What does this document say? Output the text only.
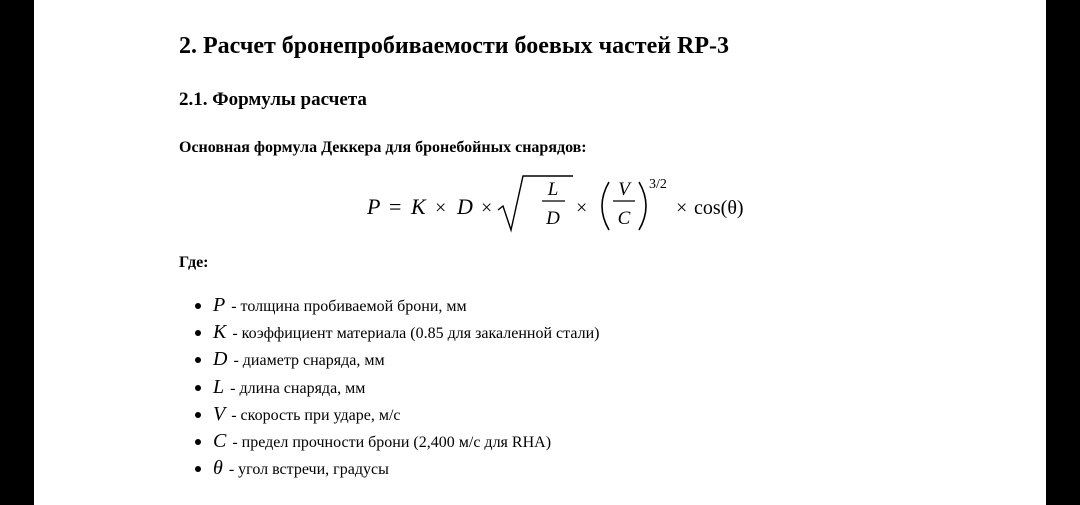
2. Расчет бронепробиваемости боевых частей RP-3
2.1. Формулы расчета

Основная формула Деккера для бронебойных снарядов:

P = K × D ×
L
D ×
V
C
3/2
× cos(θ)

Где:

P - толщина пробиваемой брони, мм
K - коэффициент материала (0.85 для закаленной стали)
D - диаметр снаряда, мм
L - длина снаряда, мм
V - скорость при ударе, м/с
C - предел прочности брони (2,400 м/с для RHA)
θ - угол встречи, градусы
